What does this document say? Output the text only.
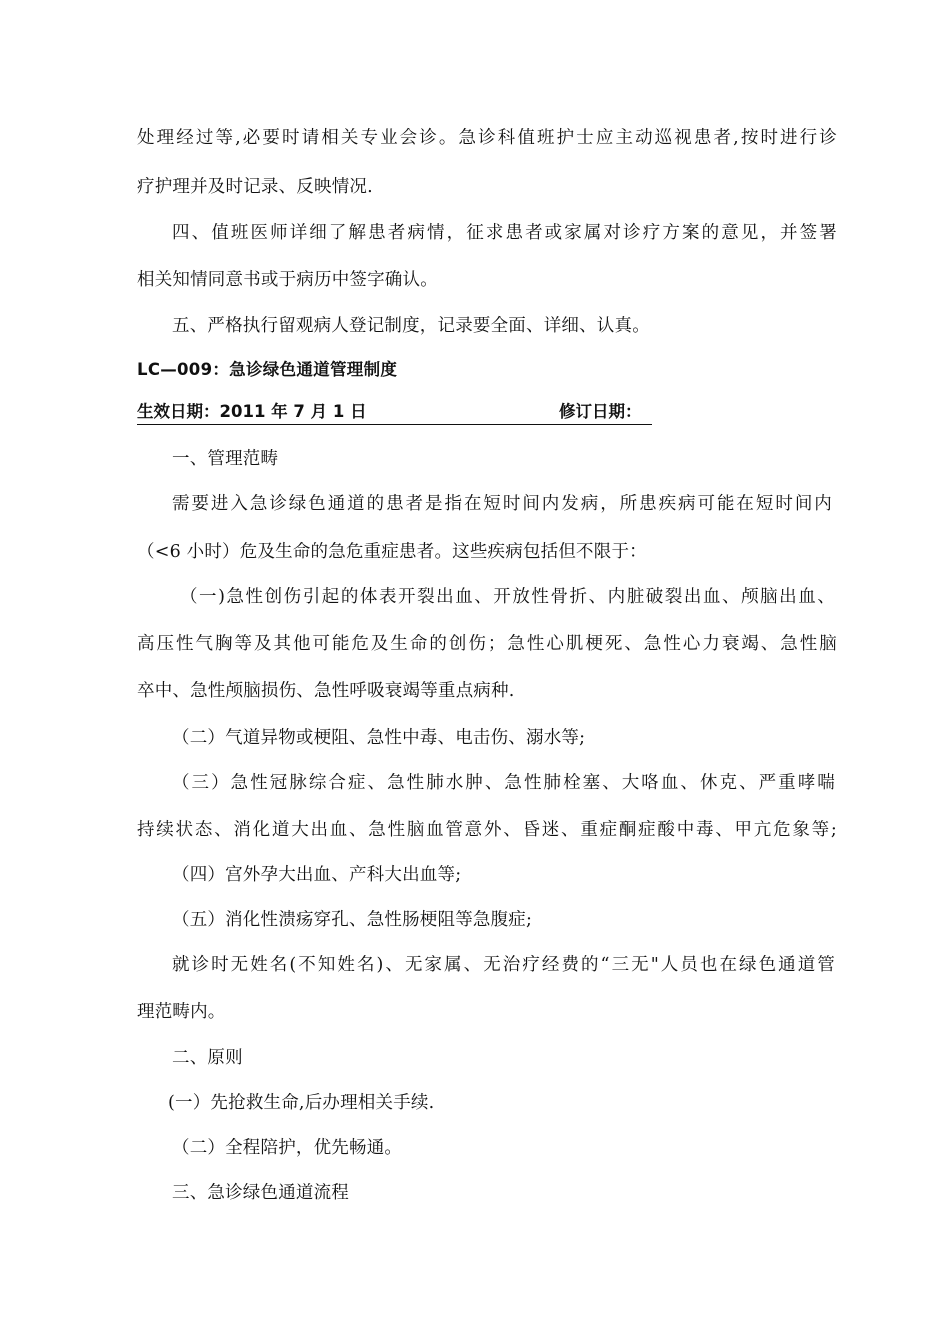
处理经过等,必要时请相关专业会诊。急诊科值班护士应主动巡视患者,按时进行诊
疗护理并及时记录、反映情况.
四、值班医师详细了解患者病情，征求患者或家属对诊疗方案的意见，并签署
相关知情同意书或于病历中签字确认。
五、严格执行留观病人登记制度，记录要全面、详细、认真。
LC—009：急诊绿色通道管理制度
生效日期：2011 年 7 月 1 日	修订日期：
一、管理范畴
需要进入急诊绿色通道的患者是指在短时间内发病，所患疾病可能在短时间内
（<6 小时）危及生命的急危重症患者。这些疾病包括但不限于：
（一)急性创伤引起的体表开裂出血、开放性骨折、内脏破裂出血、颅脑出血、
高压性气胸等及其他可能危及生命的创伤；急性心肌梗死、急性心力衰竭、急性脑
卒中、急性颅脑损伤、急性呼吸衰竭等重点病种.
（二）气道异物或梗阻、急性中毒、电击伤、溺水等;
（三）急性冠脉综合症、急性肺水肿、急性肺栓塞、大咯血、休克、严重哮喘
持续状态、消化道大出血、急性脑血管意外、昏迷、重症酮症酸中毒、甲亢危象等;
（四）宫外孕大出血、产科大出血等;
（五）消化性溃疡穿孔、急性肠梗阻等急腹症;
就诊时无姓名(不知姓名)、无家属、无治疗经费的“三无"人员也在绿色通道管
理范畴内。
二、原则
(一）先抢救生命,后办理相关手续.
（二）全程陪护，优先畅通。
三、急诊绿色通道流程
